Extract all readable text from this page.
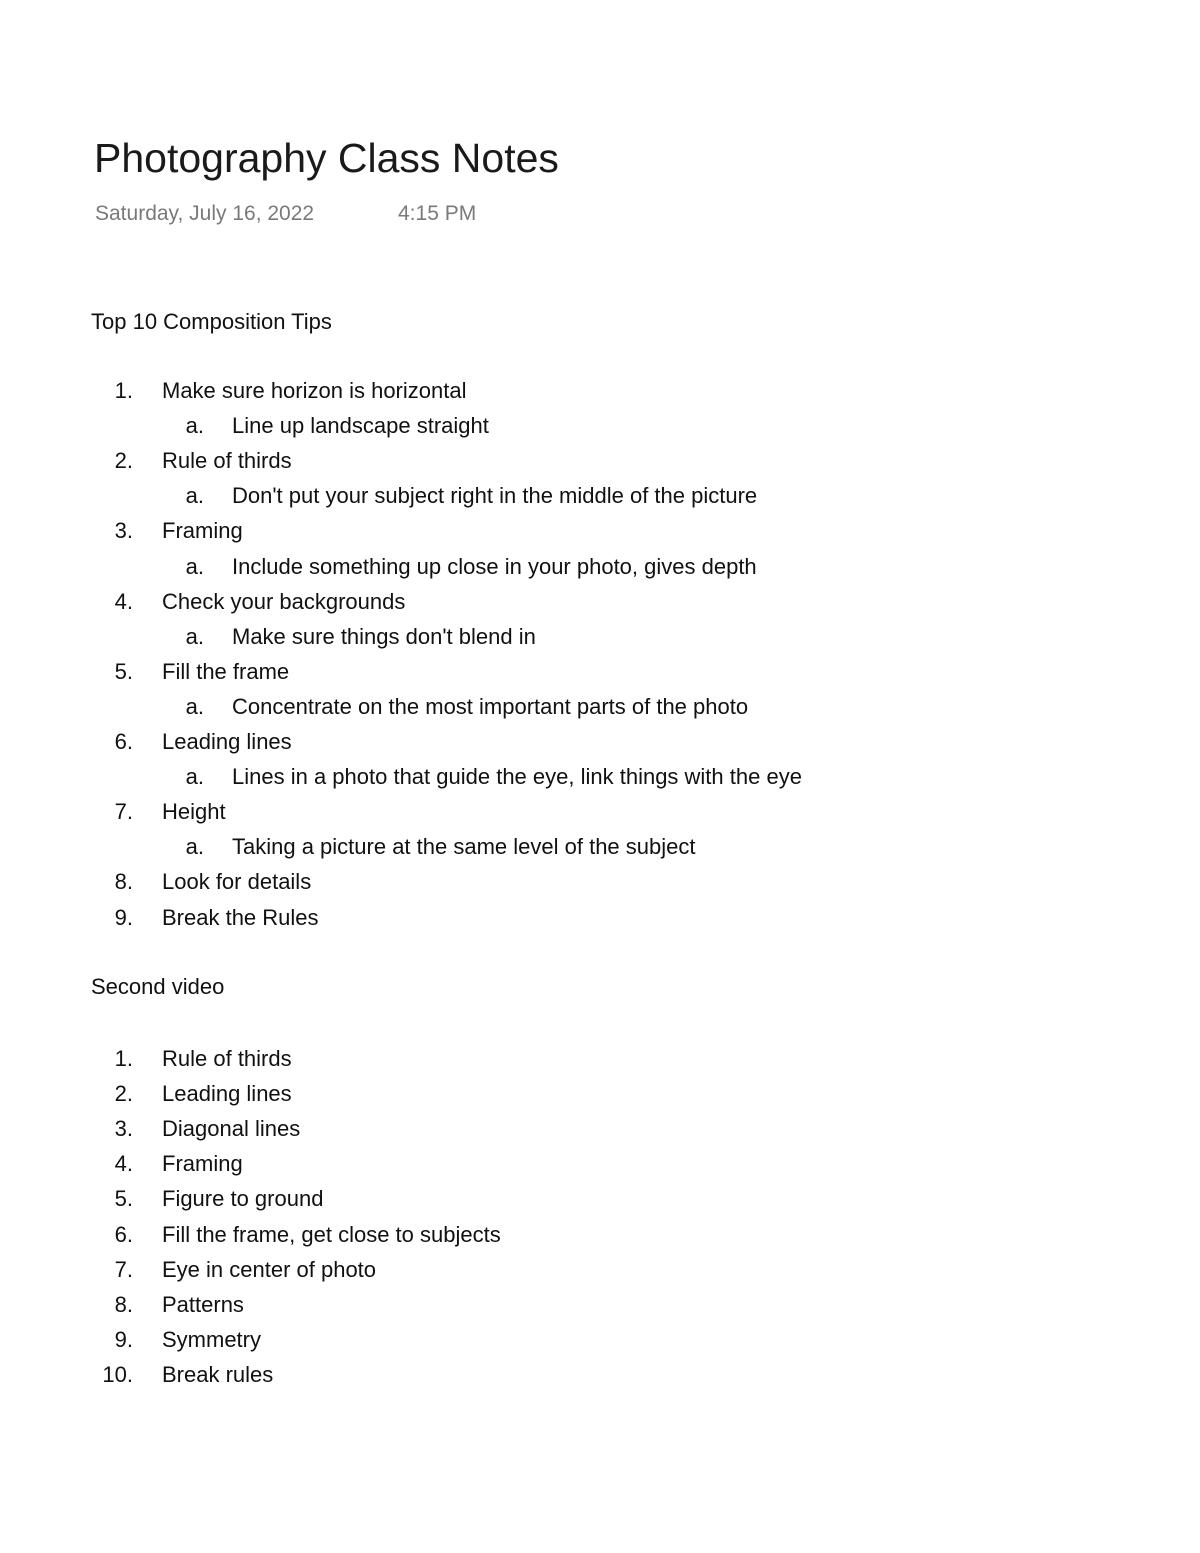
Photography Class Notes
Saturday, July 16, 2022	4:15 PM
Top 10 Composition Tips
1. Make sure horizon is horizontal
a. Line up landscape straight
2. Rule of thirds
a. Don't put your subject right in the middle of the picture
3. Framing
a. Include something up close in your photo, gives depth
4. Check your backgrounds
a. Make sure things don't blend in
5. Fill the frame
a. Concentrate on the most important parts of the photo
6. Leading lines
a. Lines in a photo that guide the eye, link things with the eye
7. Height
a. Taking a picture at the same level of the subject
8. Look for details
9. Break the Rules
Second video
1. Rule of thirds
2. Leading lines
3. Diagonal lines
4. Framing
5. Figure to ground
6. Fill the frame, get close to subjects
7. Eye in center of photo
8. Patterns
9. Symmetry
10. Break rules
